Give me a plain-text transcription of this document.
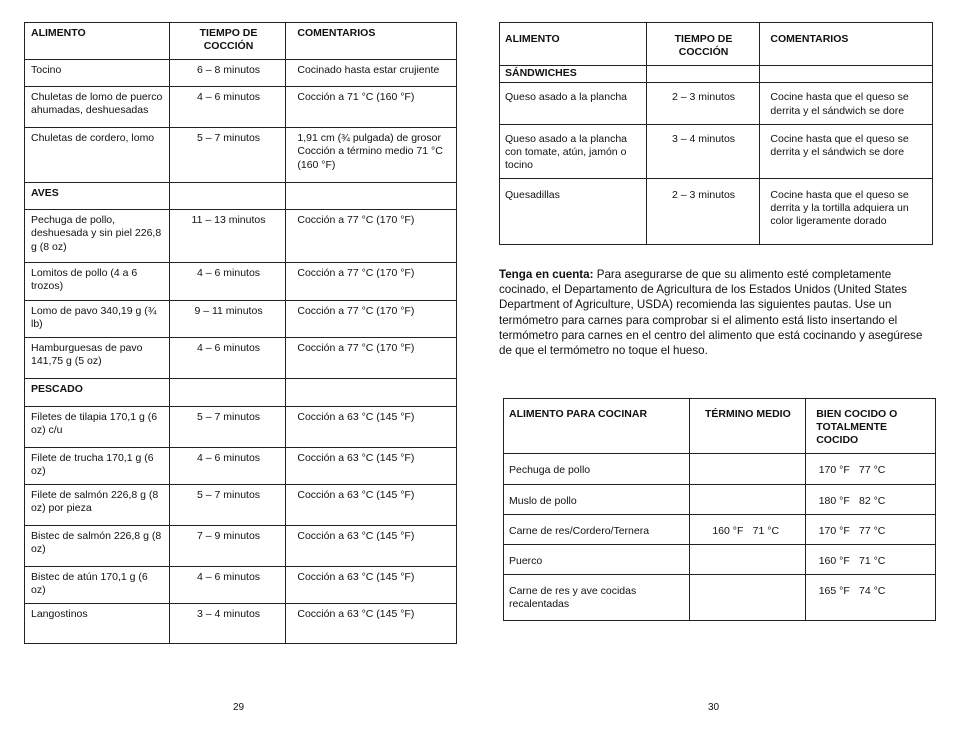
ALIMENTO	TIEMPO DE COCCIÓN	COMENTARIOS
Tocino	6 – 8 minutos	Cocinado hasta estar crujiente
Chuletas de lomo de puerco ahumadas, deshuesadas	4 – 6 minutos	Cocción a 71 °C (160 °F)
Chuletas de cordero, lomo	5 – 7 minutos	1,91 cm (¾ pulgada) de grosor Cocción a término medio 71 °C (160 °F)
AVES		
Pechuga de pollo, deshuesada y sin piel 226,8 g (8 oz)	11 – 13 minutos	Cocción a 77 °C (170 °F)
Lomitos de pollo (4 a 6 trozos)	4 – 6 minutos	Cocción a 77 °C (170 °F)
Lomo de pavo 340,19 g (¾ lb)	9 – 11 minutos	Cocción a 77 °C (170 °F)
Hamburguesas de pavo 141,75 g (5 oz)	4 – 6 minutos	Cocción a 77 °C (170 °F)
PESCADO		
Filetes de tilapia 170,1 g (6 oz) c/u	5 – 7 minutos	Cocción a 63 °C (145 °F)
Filete de trucha 170,1 g (6 oz)	4 – 6 minutos	Cocción a 63 °C (145 °F)
Filete de salmón 226,8 g (8 oz) por pieza	5 – 7 minutos	Cocción a 63 °C (145 °F)
Bistec de salmón 226,8 g (8 oz)	7 – 9 minutos	Cocción a 63 °C (145 °F)
Bistec de atún 170,1 g (6 oz)	4 – 6 minutos	Cocción a 63 °C (145 °F)
Langostinos	3 – 4 minutos	Cocción a 63 °C (145 °F)
ALIMENTO	TIEMPO DE COCCIÓN	COMENTARIOS
SÁNDWICHES		
Queso asado a la plancha	2 – 3 minutos	Cocine hasta que el queso se derrita y el sándwich se dore
Queso asado a la plancha con tomate, atún, jamón o tocino	3 – 4 minutos	Cocine hasta que el queso se derrita y el sándwich se dore
Quesadillas	2 – 3 minutos	Cocine hasta que el queso se derrita y la tortilla adquiera un color ligeramente dorado

Tenga en cuenta: Para asegurarse de que su alimento esté completamente cocinado, el Departamento de Agricultura de los Estados Unidos (United States Department of Agriculture, USDA) recomienda las siguientes pautas. Use un termómetro para carnes para comprobar si el alimento está listo insertando el termómetro para carnes en el centro del alimento que está cocinando y asegúrese de que el termómetro no toque el hueso.

ALIMENTO PARA COCINAR	TÉRMINO MEDIO	BIEN COCIDO O TOTALMENTE COCIDO
Pechuga de pollo		170 °F 77 °C
Muslo de pollo		180 °F 82 °C
Carne de res/Cordero/Ternera	160 °F 71 °C	170 °F 77 °C
Puerco		160 °F 71 °C
Carne de res y ave cocidas recalentadas		165 °F 74 °C
29	30
